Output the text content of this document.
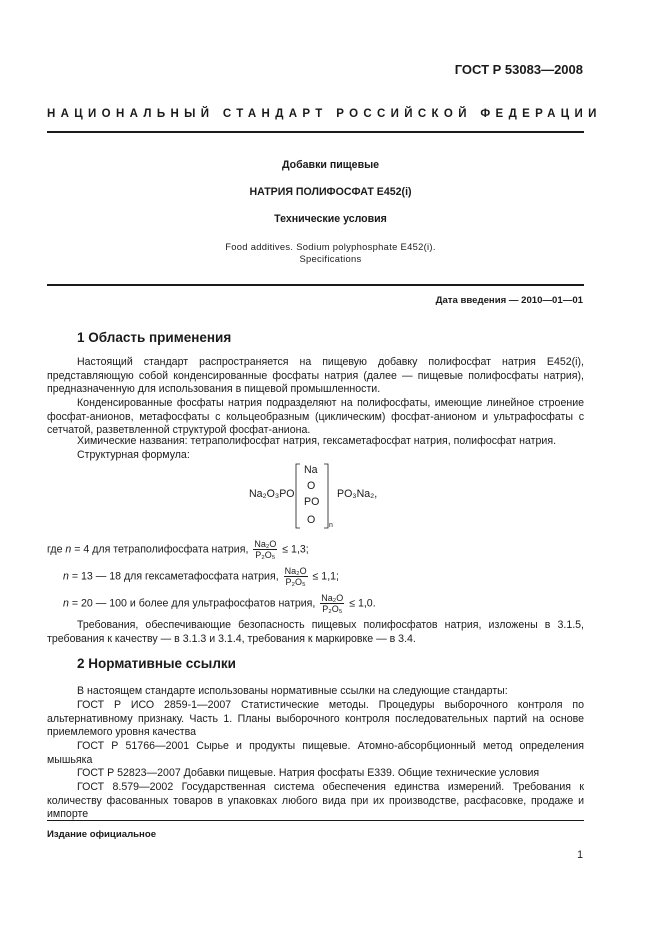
ГОСТ Р 53083—2008
НАЦИОНАЛЬНЫЙ СТАНДАРТ РОССИЙСКОЙ ФЕДЕРАЦИИ
Добавки пищевые
НАТРИЯ ПОЛИФОСФАТ Е452(i)
Технические условия
Food additives. Sodium polyphosphate E452(i).
Specifications
Дата введения — 2010—01—01
1 Область применения

Настоящий стандарт распространяется на пищевую добавку полифосфат натрия Е452(i), представляющую собой конденсированные фосфаты натрия (далее — пищевые полифосфаты натрия), предназначенную для использования в пищевой промышленности.

Конденсированные фосфаты натрия подразделяют на полифосфаты, имеющие линейное строение фосфат-анионов, метафосфаты с кольцеобразным (циклическим) фосфат-анионом и ультрафосфаты с сетчатой, разветвленной структурой фосфат-аниона.

Химические названия: тетраполифосфат натрия, гексаметафосфат натрия, полифосфат натрия.

Структурная формула:

Na₂O₃PO
Na
O
PO
O n
PO₃Na₂,
где n = 4 для тетраполифосфата натрия, $\frac{\text{Na₂O}}{\text{P₂O₅}} \le 1,3$;
n = 13 — 18 для гексаметафосфата натрия, $\frac{\text{Na₂O}}{\text{P₂O₅}} \le 1,1$;
n = 20 — 100 и более для ультрафосфатов натрия, $\frac{\text{Na₂O}}{\text{P₂O₅}} \le 1,0$.

Требования, обеспечивающие безопасность пищевых полифосфатов натрия, изложены в 3.1.5, требования к качеству — в 3.1.3 и 3.1.4, требования к маркировке — в 3.4.

2 Нормативные ссылки

В настоящем стандарте использованы нормативные ссылки на следующие стандарты:

ГОСТ Р ИСО 2859-1—2007 Статистические методы. Процедуры выборочного контроля по альтернативному признаку. Часть 1. Планы выборочного контроля последовательных партий на основе приемлемого уровня качества

ГОСТ Р 51766—2001 Сырье и продукты пищевые. Атомно-абсорбционный метод определения мышьяка

ГОСТ Р 52823—2007 Добавки пищевые. Натрия фосфаты Е339. Общие технические условия

ГОСТ 8.579—2002 Государственная система обеспечения единства измерений. Требования к количеству фасованных товаров в упаковках любого вида при их производстве, расфасовке, продаже и импорте

Издание официальное
1
